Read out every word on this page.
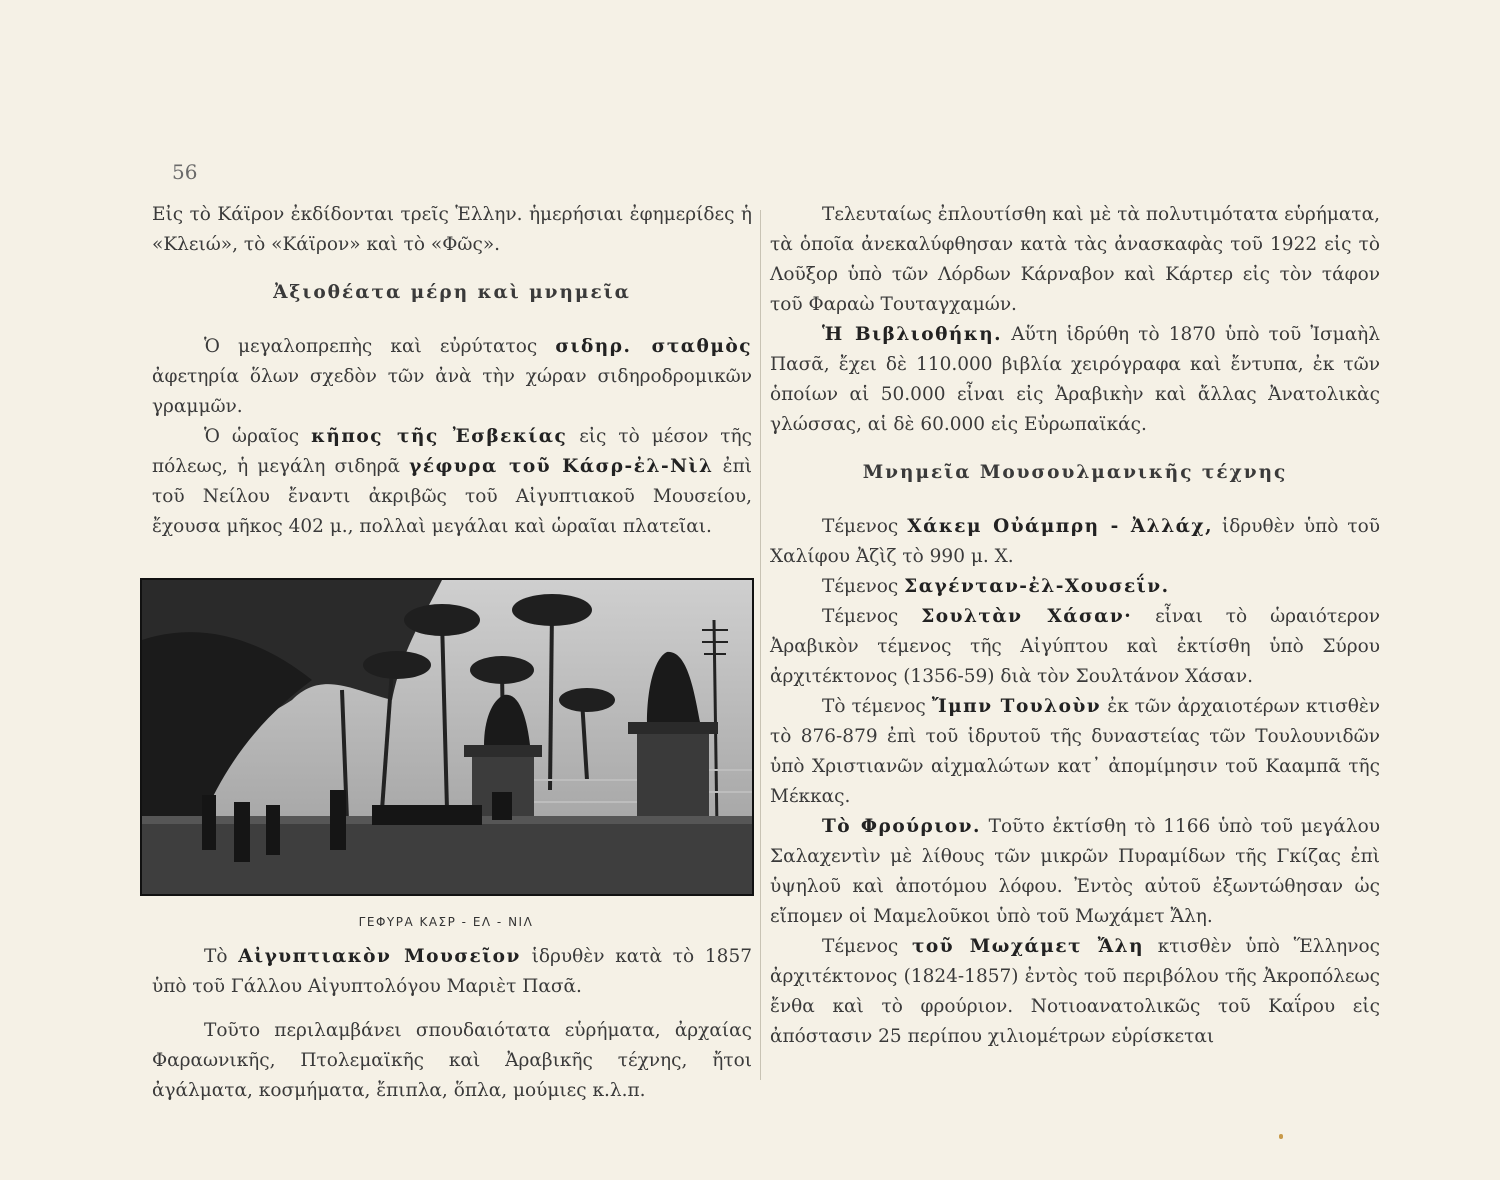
56

Εἰς τὸ Κάϊρον ἐκδίδονται τρεῖς Ἑλλην. ἡμερήσιαι ἐφημερίδες ἡ «Κλειώ», τὸ «Κάϊρον» καὶ τὸ «Φῶς».

Ἀξιοθέατα μέρη καὶ μνημεῖα

Ὁ μεγαλοπρεπὴς καὶ εὐρύτατος σιδηρ. σταθμὸς ἀφετηρία ὅλων σχεδὸν τῶν ἀνὰ τὴν χώραν σιδηροδρομικῶν γραμμῶν.

Ὁ ὡραῖος κῆπος τῆς Ἐσβεκίας εἰς τὸ μέσον τῆς πόλεως, ἡ μεγάλη σιδηρᾶ γέφυρα τοῦ Κάσρ-ἐλ-Νὶλ ἐπὶ τοῦ Νείλου ἔναντι ἀκριβῶς τοῦ Αἰγυπτιακοῦ Μουσείου, ἔχουσα μῆκος 402 μ., πολλαὶ μεγάλαι καὶ ὡραῖαι πλατεῖαι.

ΓΕΦΥΡΑ ΚΑΣΡ - ΕΛ - ΝΙΛ

Τὸ Αἰγυπτιακὸν Μουσεῖον ἱδρυθὲν κατὰ τὸ 1857 ὑπὸ τοῦ Γάλλου Αἰγυπτολόγου Μαριὲτ Πασᾶ.

Τοῦτο περιλαμβάνει σπουδαιότατα εὑρήματα, ἀρχαίας Φαραωνικῆς, Πτολεμαϊκῆς καὶ Ἀραβικῆς τέχνης, ἤτοι ἀγάλματα, κοσμήματα, ἔπιπλα, ὅπλα, μούμιες κ.λ.π.

Τελευταίως ἐπλουτίσθη καὶ μὲ τὰ πολυτιμότατα εὑρήματα, τὰ ὁποῖα ἀνεκαλύφθησαν κατὰ τὰς ἀνασκαφὰς τοῦ 1922 εἰς τὸ Λοῦξορ ὑπὸ τῶν Λόρδων Κάρναβον καὶ Κάρτερ εἰς τὸν τάφον τοῦ Φαραὼ Τουταγχαμών.

Ἡ Βιβλιοθήκη. Αὕτη ἱδρύθη τὸ 1870 ὑπὸ τοῦ Ἰσμαὴλ Πασᾶ, ἔχει δὲ 110.000 βιβλία χειρόγραφα καὶ ἔντυπα, ἐκ τῶν ὁποίων αἱ 50.000 εἶναι εἰς Ἀραβικὴν καὶ ἄλλας Ἀνατολικὰς γλώσσας, αἱ δὲ 60.000 εἰς Εὐρωπαϊκάς.

Μνημεῖα Μουσουλμανικῆς τέχνης

Τέμενος Χάκεμ Οὐάμπρη - Ἀλλάχ, ἱδρυθὲν ὑπὸ τοῦ Χαλίφου Ἀζὶζ τὸ 990 μ. Χ.

Τέμενος Σαγένταν-ἐλ-Χουσεΐν.

Τέμενος Σουλτὰν Χάσαν· εἶναι τὸ ὡραιότερον Ἀραβικὸν τέμενος τῆς Αἰγύπτου καὶ ἐκτίσθη ὑπὸ Σύρου ἀρχιτέκτονος (1356-59) διὰ τὸν Σουλτάνον Χάσαν.

Τὸ τέμενος Ἴμπν Τουλοὺν ἐκ τῶν ἀρχαιοτέρων κτισθὲν τὸ 876-879 ἐπὶ τοῦ ἱδρυτοῦ τῆς δυναστείας τῶν Τουλουνιδῶν ὑπὸ Χριστιανῶν αἰχμαλώτων κατ᾽ ἀπομίμησιν τοῦ Κααμπᾶ τῆς Μέκκας.

Τὸ Φρούριον. Τοῦτο ἐκτίσθη τὸ 1166 ὑπὸ τοῦ μεγάλου Σαλαχεντὶν μὲ λίθους τῶν μικρῶν Πυραμίδων τῆς Γκίζας ἐπὶ ὑψηλοῦ καὶ ἀποτόμου λόφου. Ἐντὸς αὐτοῦ ἐξωντώθησαν ὡς εἴπομεν οἱ Μαμελοῦκοι ὑπὸ τοῦ Μωχάμετ Ἄλη.

Τέμενος τοῦ Μωχάμετ Ἄλη κτισθὲν ὑπὸ Ἕλληνος ἀρχιτέκτονος (1824-1857) ἐντὸς τοῦ περιβόλου τῆς Ἀκροπόλεως ἔνθα καὶ τὸ φρούριον. Νοτιοανατολικῶς τοῦ Καΐρου εἰς ἀπόστασιν 25 περίπου χιλιομέτρων εὑρίσκεται
